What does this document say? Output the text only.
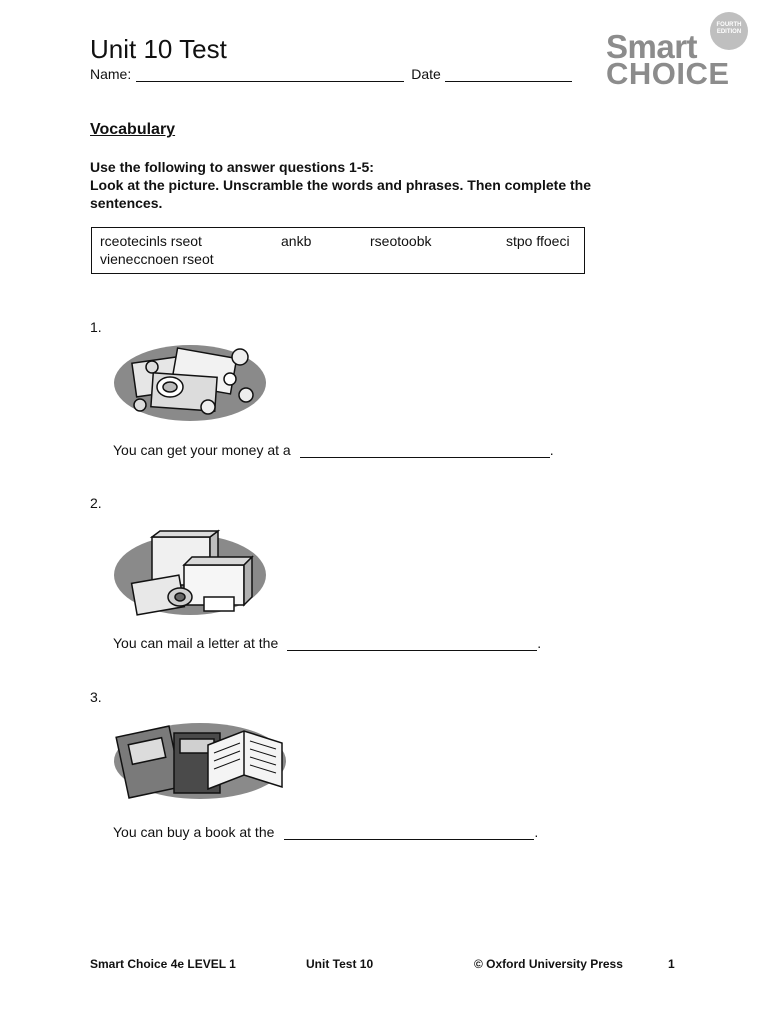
Unit 10 Test
Name:	Date
Smart
CHOICE
FOURTH
EDITION
Vocabulary
Use the following to answer questions 1-5:
Look at the picture. Unscramble the words and phrases. Then complete the
sentences.
rceotecinls rseot	ankb	rseotoobk	stpo ffoeci
vieneccnoen rseot
1.
You can get your money at a	.
2.
You can mail a letter at the	.
3.
You can buy a book at the	.
Smart Choice 4e LEVEL 1	Unit Test 10	© Oxford University Press	1
